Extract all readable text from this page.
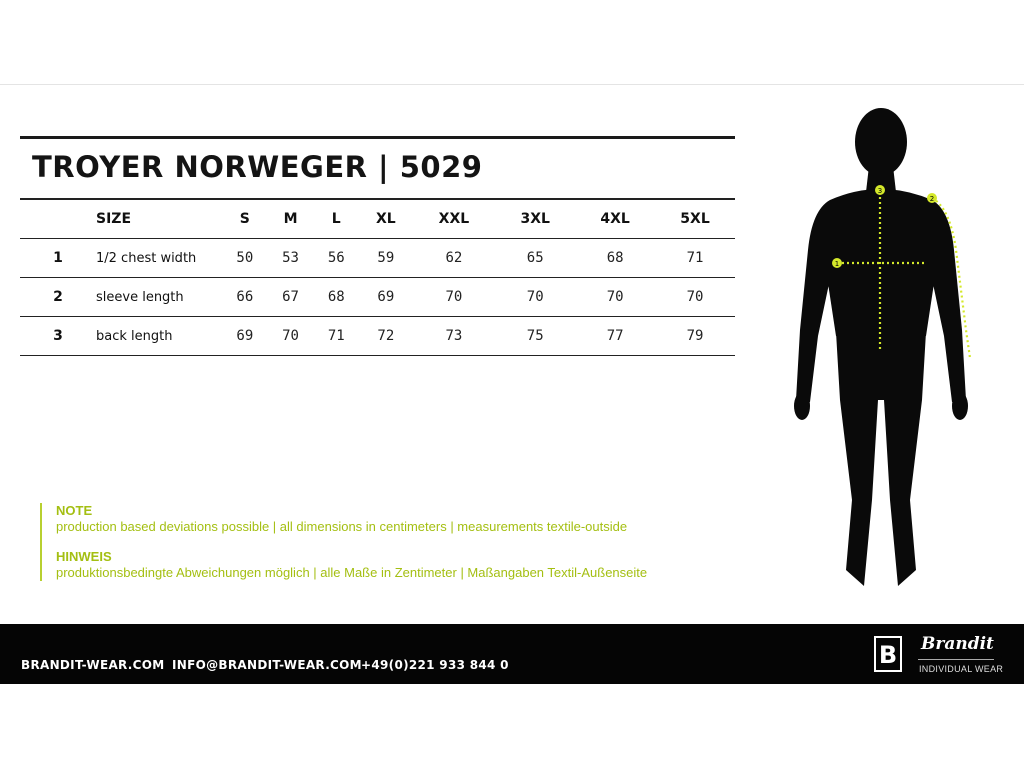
TROYER NORWEGER | 5029
	SIZE	S	M	L	XL	XXL	3XL	4XL	5XL
1	1/2 chest width	50	53	56	59	62	65	68	71
2	sleeve length	66	67	68	69	70	70	70	70
3	back length	69	70	71	72	73	75	77	79
NOTE
production based deviations possible | all dimensions in centimeters | measurements textile-outside
HINWEIS
produktionsbedingte Abweichungen möglich | alle Maße in Zentimeter | Maßangaben Textil-Außenseite
1
2
3
BRANDIT-WEAR.COM INFO@BRANDIT-WEAR.COM +49(0)221 933 844 0	B Brandit
INDIVIDUAL WEAR
